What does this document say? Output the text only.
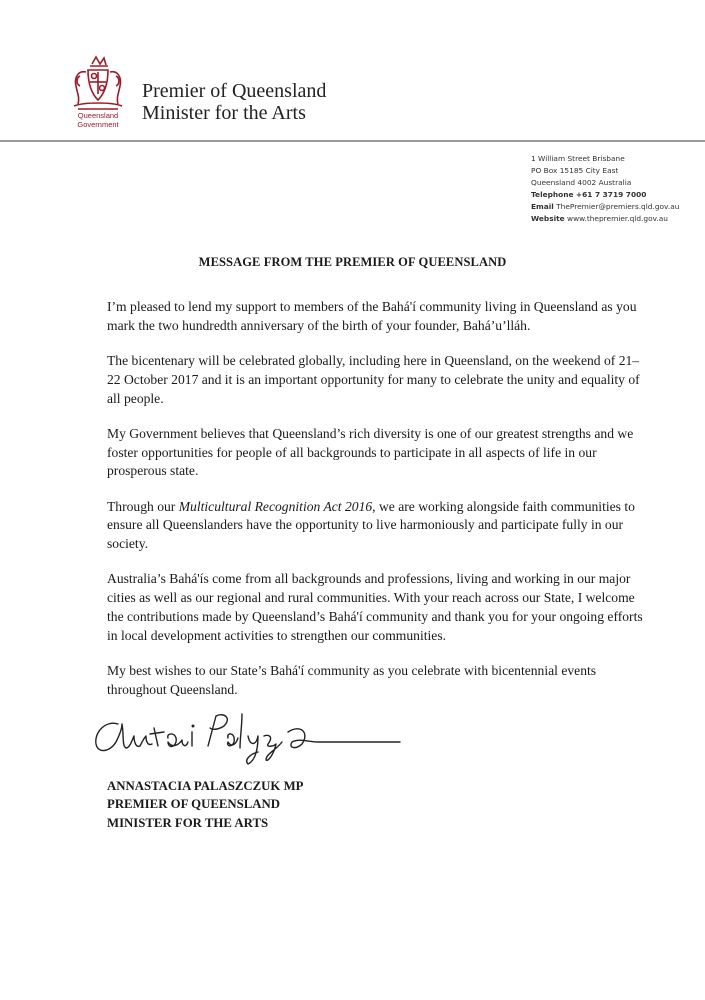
Queensland
Government
Premier of Queensland
Minister for the Arts
1 William Street Brisbane
PO Box 15185 City East
Queensland 4002 Australia
Telephone +61 7 3719 7000
Email ThePremier@premiers.qld.gov.au
Website www.thepremier.qld.gov.au
MESSAGE FROM THE PREMIER OF QUEENSLAND

I’m pleased to lend my support to members of the Bahá'í community living in Queensland as you mark the two hundredth anniversary of the birth of your founder, Bahá’u’lláh.

The bicentenary will be celebrated globally, including here in Queensland, on the weekend of 21–22 October 2017 and it is an important opportunity for many to celebrate the unity and equality of all people.

My Government believes that Queensland’s rich diversity is one of our greatest strengths and we foster opportunities for people of all backgrounds to participate in all aspects of life in our prosperous state.

Through our Multicultural Recognition Act 2016, we are working alongside faith communities to ensure all Queenslanders have the opportunity to live harmoniously and participate fully in our society.

Australia’s Bahá'ís come from all backgrounds and professions, living and working in our major cities as well as our regional and rural communities. With your reach across our State, I welcome the contributions made by Queensland’s Bahá'í community and thank you for your ongoing efforts in local development activities to strengthen our communities.

My best wishes to our State’s Bahá'í community as you celebrate with bicentennial events throughout Queensland.

ANNASTACIA PALASZCZUK MP
PREMIER OF QUEENSLAND
MINISTER FOR THE ARTS
